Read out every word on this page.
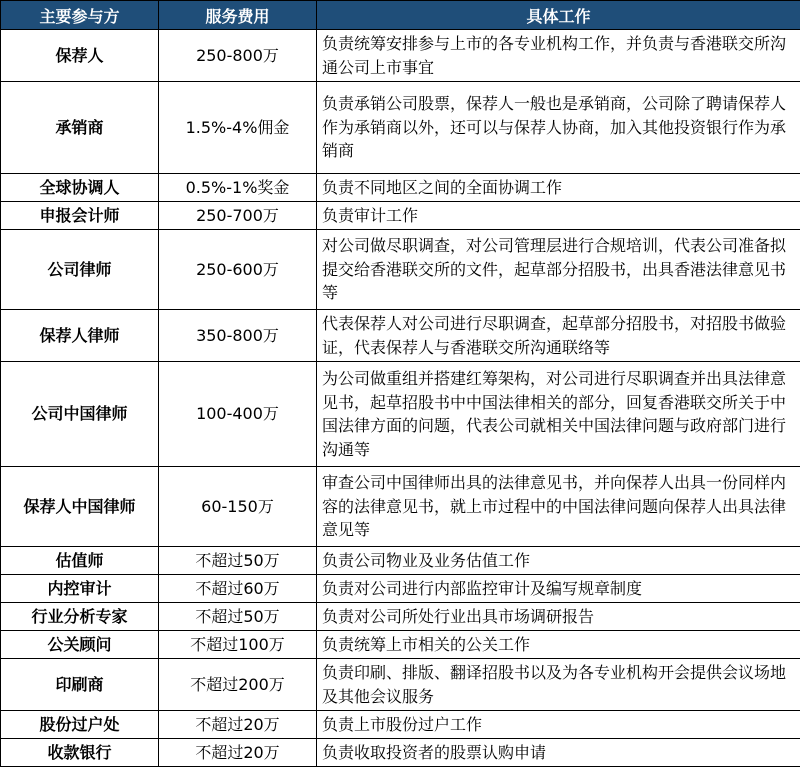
主要参与方	服务费用	具体工作
保荐人	250-800万	负责统筹安排参与上市的各专业机构工作，并负责与香港联交所沟通公司上市事宜
承销商	1.5%-4%佣金	负责承销公司股票，保荐人一般也是承销商，公司除了聘请保荐人作为承销商以外，还可以与保荐人协商，加入其他投资银行作为承销商
全球协调人	0.5%-1%奖金	负责不同地区之间的全面协调工作
申报会计师	250-700万	负责审计工作
公司律师	250-600万	对公司做尽职调查，对公司管理层进行合规培训，代表公司准备拟提交给香港联交所的文件，起草部分招股书，出具香港法律意见书等
保荐人律师	350-800万	代表保荐人对公司进行尽职调查，起草部分招股书，对招股书做验证，代表保荐人与香港联交所沟通联络等
公司中国律师	100-400万	为公司做重组并搭建红筹架构，对公司进行尽职调查并出具法律意见书，起草招股书中中国法律相关的部分，回复香港联交所关于中国法律方面的问题，代表公司就相关中国法律问题与政府部门进行沟通等
保荐人中国律师	60-150万	审查公司中国律师出具的法律意见书，并向保荐人出具一份同样内容的法律意见书，就上市过程中的中国法律问题向保荐人出具法律意见等
估值师	不超过50万	负责公司物业及业务估值工作
内控审计	不超过60万	负责对公司进行内部监控审计及编写规章制度
行业分析专家	不超过50万	负责对公司所处行业出具市场调研报告
公关顾问	不超过100万	负责统筹上市相关的公关工作
印刷商	不超过200万	负责印刷、排版、翻译招股书以及为各专业机构开会提供会议场地及其他会议服务
股份过户处	不超过20万	负责上市股份过户工作
收款银行	不超过20万	负责收取投资者的股票认购申请
